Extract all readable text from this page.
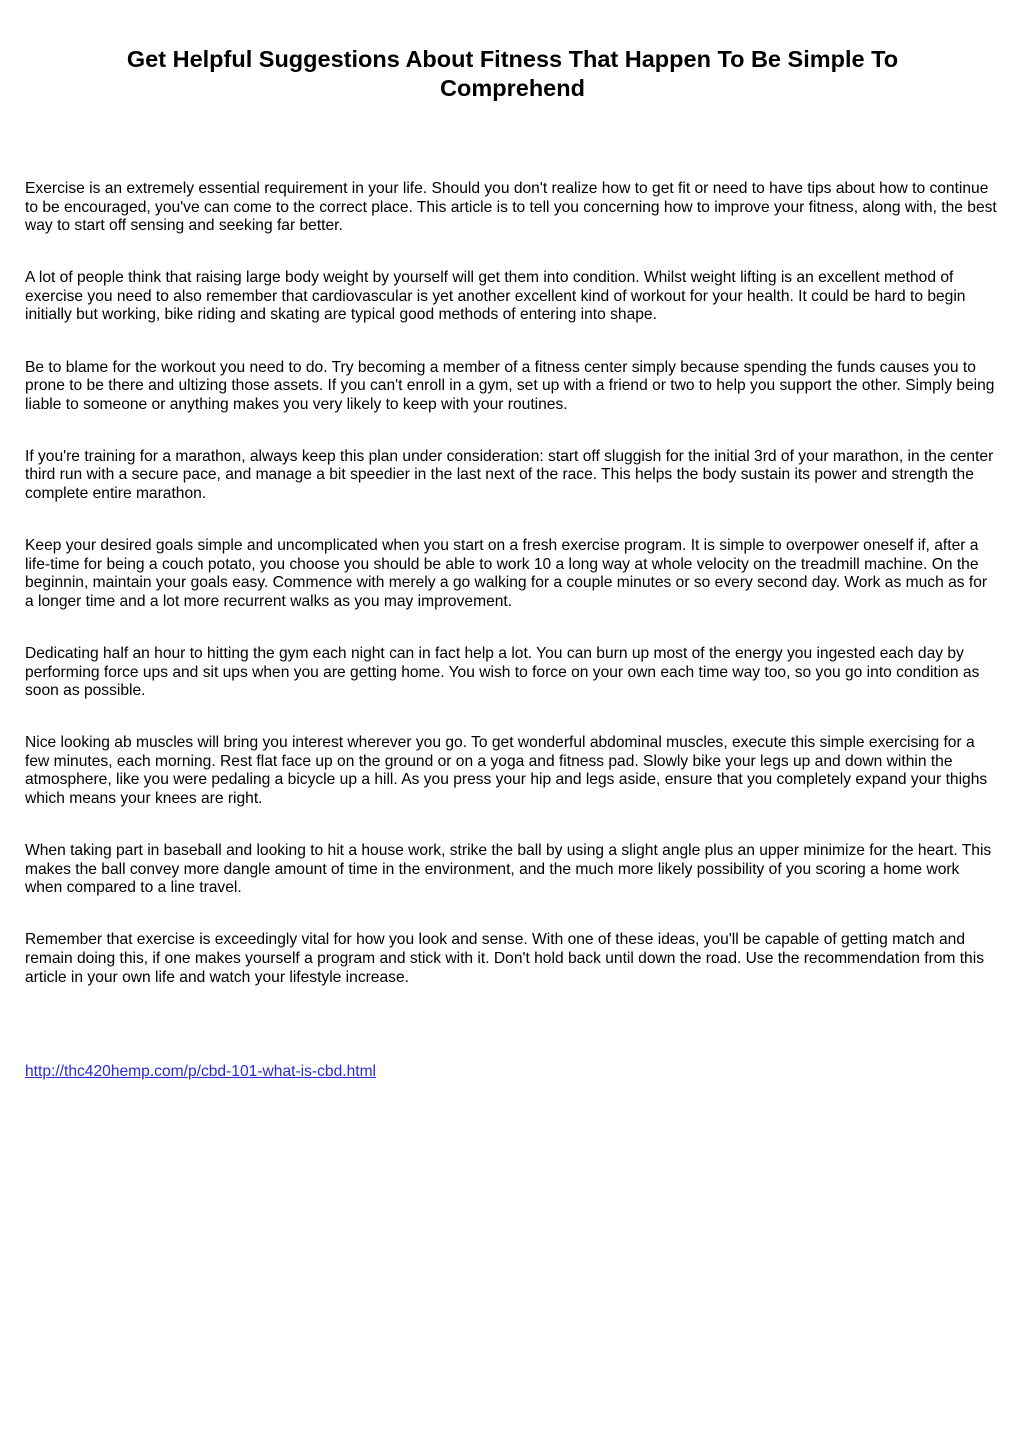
Get Helpful Suggestions About Fitness That Happen To Be Simple To Comprehend

Exercise is an extremely essential requirement in your life. Should you don't realize how to get fit or need to have tips about how to continue to be encouraged, you've can come to the correct place. This article is to tell you concerning how to improve your fitness, along with, the best way to start off sensing and seeking far better.

A lot of people think that raising large body weight by yourself will get them into condition. Whilst weight lifting is an excellent method of exercise you need to also remember that cardiovascular is yet another excellent kind of workout for your health. It could be hard to begin initially but working, bike riding and skating are typical good methods of entering into shape.

Be to blame for the workout you need to do. Try becoming a member of a fitness center simply because spending the funds causes you to prone to be there and ultizing those assets. If you can't enroll in a gym, set up with a friend or two to help you support the other. Simply being liable to someone or anything makes you very likely to keep with your routines.

If you're training for a marathon, always keep this plan under consideration: start off sluggish for the initial 3rd of your marathon, in the center third run with a secure pace, and manage a bit speedier in the last next of the race. This helps the body sustain its power and strength the complete entire marathon.

Keep your desired goals simple and uncomplicated when you start on a fresh exercise program. It is simple to overpower oneself if, after a life-time for being a couch potato, you choose you should be able to work 10 a long way at whole velocity on the treadmill machine. On the beginnin, maintain your goals easy. Commence with merely a go walking for a couple minutes or so every second day. Work as much as for a longer time and a lot more recurrent walks as you may improvement.

Dedicating half an hour to hitting the gym each night can in fact help a lot. You can burn up most of the energy you ingested each day by performing force ups and sit ups when you are getting home. You wish to force on your own each time way too, so you go into condition as soon as possible.

Nice looking ab muscles will bring you interest wherever you go. To get wonderful abdominal muscles, execute this simple exercising for a few minutes, each morning. Rest flat face up on the ground or on a yoga and fitness pad. Slowly bike your legs up and down within the atmosphere, like you were pedaling a bicycle up a hill. As you press your hip and legs aside, ensure that you completely expand your thighs which means your knees are right.

When taking part in baseball and looking to hit a house work, strike the ball by using a slight angle plus an upper minimize for the heart. This makes the ball convey more dangle amount of time in the environment, and the much more likely possibility of you scoring a home work when compared to a line travel.

Remember that exercise is exceedingly vital for how you look and sense. With one of these ideas, you'll be capable of getting match and remain doing this, if one makes yourself a program and stick with it. Don't hold back until down the road. Use the recommendation from this article in your own life and watch your lifestyle increase.

http://thc420hemp.com/p/cbd-101-what-is-cbd.html
